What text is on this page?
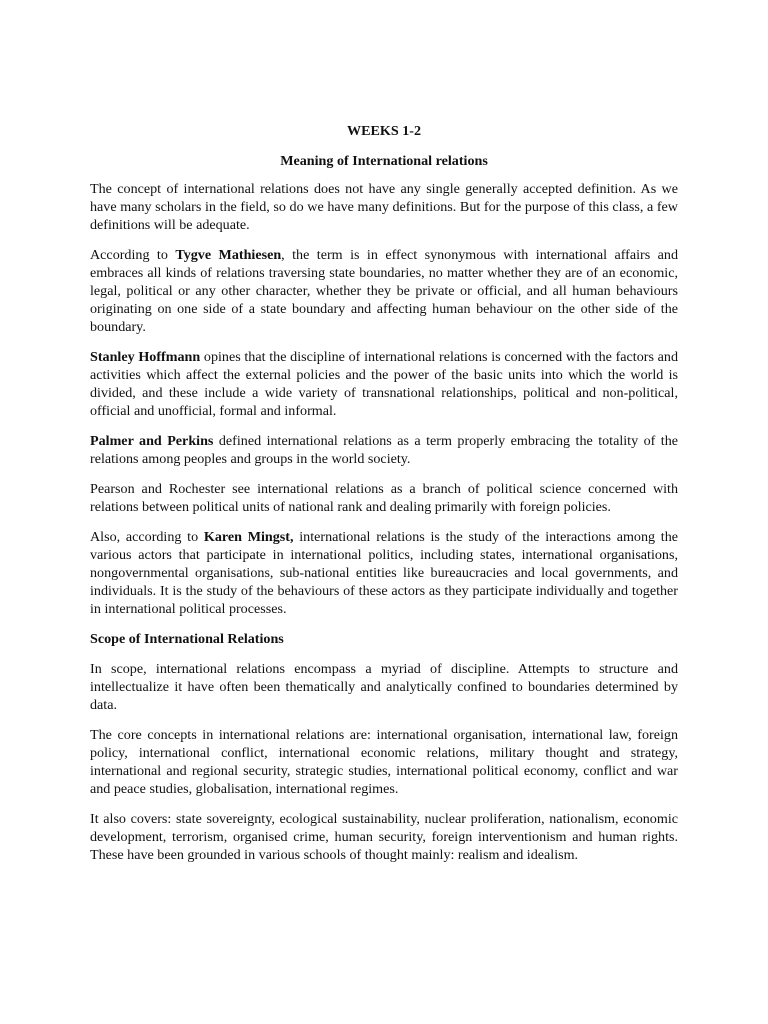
WEEKS 1-2
Meaning of International relations

The concept of international relations does not have any single generally accepted definition. As we have many scholars in the field, so do we have many definitions. But for the purpose of this class, a few definitions will be adequate.

According to Tygve Mathiesen, the term is in effect synonymous with international affairs and embraces all kinds of relations traversing state boundaries, no matter whether they are of an economic, legal, political or any other character, whether they be private or official, and all human behaviours originating on one side of a state boundary and affecting human behaviour on the other side of the boundary.

Stanley Hoffmann opines that the discipline of international relations is concerned with the factors and activities which affect the external policies and the power of the basic units into which the world is divided, and these include a wide variety of transnational relationships, political and non-political, official and unofficial, formal and informal.

Palmer and Perkins defined international relations as a term properly embracing the totality of the relations among peoples and groups in the world society.

Pearson and Rochester see international relations as a branch of political science concerned with relations between political units of national rank and dealing primarily with foreign policies.

Also, according to Karen Mingst, international relations is the study of the interactions among the various actors that participate in international politics, including states, international organisations, nongovernmental organisations, sub-national entities like bureaucracies and local governments, and individuals. It is the study of the behaviours of these actors as they participate individually and together in international political processes.

Scope of International Relations

In scope, international relations encompass a myriad of discipline. Attempts to structure and intellectualize it have often been thematically and analytically confined to boundaries determined by data.

The core concepts in international relations are: international organisation, international law, foreign policy, international conflict, international economic relations, military thought and strategy, international and regional security, strategic studies, international political economy, conflict and war and peace studies, globalisation, international regimes.

It also covers: state sovereignty, ecological sustainability, nuclear proliferation, nationalism, economic development, terrorism, organised crime, human security, foreign interventionism and human rights. These have been grounded in various schools of thought mainly: realism and idealism.
